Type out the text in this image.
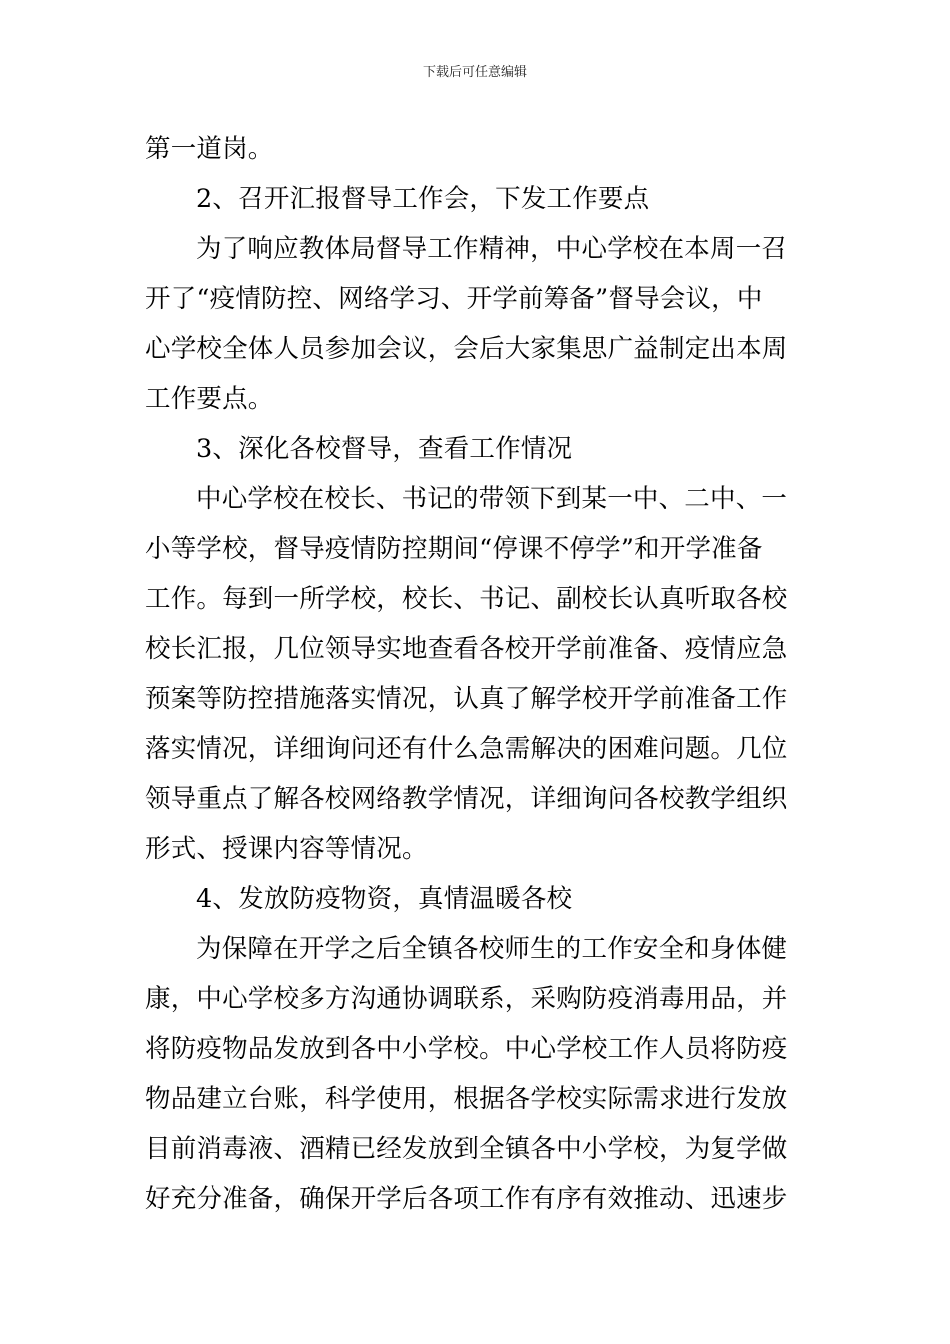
下载后可任意编辑
第一道岗。
2、召开汇报督导工作会，下发工作要点
为了响应教体局督导工作精神，中心学校在本周一召
开了“疫情防控、网络学习、开学前筹备”督导会议，中
心学校全体人员参加会议，会后大家集思广益制定出本周
工作要点。
3、深化各校督导，查看工作情况
中心学校在校长、书记的带领下到某一中、二中、一
小等学校，督导疫情防控期间“停课不停学”和开学准备
工作。每到一所学校，校长、书记、副校长认真听取各校
校长汇报，几位领导实地查看各校开学前准备、疫情应急
预案等防控措施落实情况，认真了解学校开学前准备工作
落实情况，详细询问还有什么急需解决的困难问题。几位
领导重点了解各校网络教学情况，详细询问各校教学组织
形式、授课内容等情况。
4、发放防疫物资，真情温暖各校
为保障在开学之后全镇各校师生的工作安全和身体健
康，中心学校多方沟通协调联系，采购防疫消毒用品，并
将防疫物品发放到各中小学校。中心学校工作人员将防疫
物品建立台账，科学使用，根据各学校实际需求进行发放
目前消毒液、酒精已经发放到全镇各中小学校，为复学做
好充分准备，确保开学后各项工作有序有效推动、迅速步
